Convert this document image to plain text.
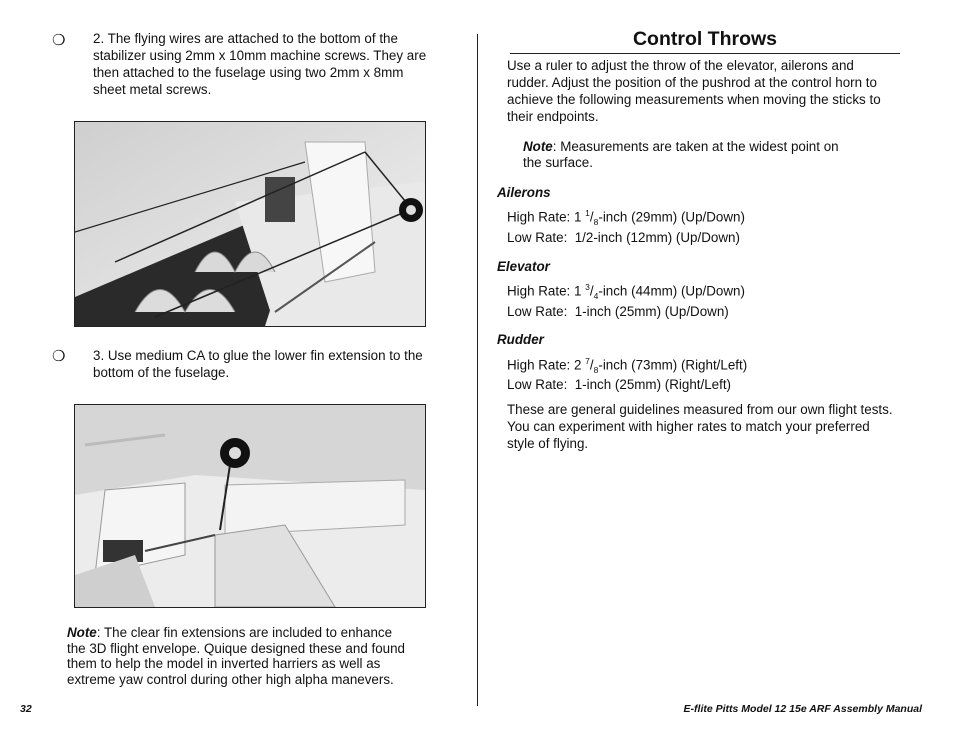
❍ 2. The flying wires are attached to the bottom of the
stabilizer using 2mm x 10mm machine screws. They are
then attached to the fuselage using two 2mm x 8mm
sheet metal screws.
❍ 3. Use medium CA to glue the lower fin extension to the
bottom of the fuselage.
Note: The clear fin extensions are included to enhance
the 3D flight envelope. Quique designed these and found
them to help the model in inverted harriers as well as
extreme yaw control during other high alpha manevers.
Control Throws
Use a ruler to adjust the throw of the elevator, ailerons and
rudder. Adjust the position of the pushrod at the control horn to
achieve the following measurements when moving the sticks to
their endpoints.
Note: Measurements are taken at the widest point on
the surface.
Ailerons
High Rate: 1 $^1/_8$-inch (29mm) (Up/Down)
Low Rate:  1/2-inch (12mm) (Up/Down)
Elevator
High Rate: 1 $^3/_4$-inch (44mm) (Up/Down)
Low Rate:  1-inch (25mm) (Up/Down)
Rudder
High Rate: 2 $^7/_8$-inch (73mm) (Right/Left)
Low Rate:  1-inch (25mm) (Right/Left)
These are general guidelines measured from our own flight tests.
You can experiment with higher rates to match your preferred
style of flying.
32	E-flite Pitts Model 12 15e ARF Assembly Manual
